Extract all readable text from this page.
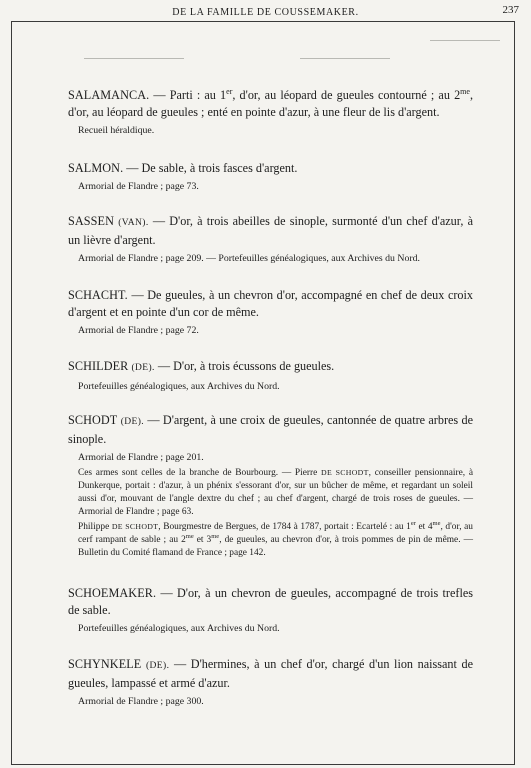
DE LA FAMILLE DE COUSSEMAKER.	237

SALAMANCA. — Parti : au 1er, d'or, au léopard de gueules contourné ; au $2^{me}$, d'or, au léopard de gueules ; enté en pointe d'azur, à une fleur de lis d'argent.

Recueil héraldique.

SALMON. — De sable, à trois fasces d'argent.

Armorial de Flandre ; page 73.

SASSEN (VAN). — D'or, à trois abeilles de sinople, surmonté d'un chef d'azur, à un lièvre d'argent.

Armorial de Flandre ; page 209. — Portefeuilles généalogiques, aux Archives du Nord.

SCHACHT. — De gueules, à un chevron d'or, accompagné en chef de deux croix d'argent et en pointe d'un cor de même.

Armorial de Flandre ; page 72.

SCHILDER (DE). — D'or, à trois écussons de gueules.

Portefeuilles généalogiques, aux Archives du Nord.

SCHODT (DE). — D'argent, à une croix de gueules, cantonnée de quatre arbres de sinople.

Armorial de Flandre ; page 201.

Ces armes sont celles de la branche de Bourbourg. — Pierre DE SCHODT, conseiller pensionnaire, à Dunkerque, portait : d'azur, à un phénix s'essorant d'or, sur un bûcher de même, et regardant un soleil aussi d'or, mouvant de l'angle dextre du chef ; au chef d'argent, chargé de trois roses de gueules. — Armorial de Flandre ; page 63.

Philippe DE SCHODT, Bourgmestre de Bergues, de 1784 à 1787, portait : Ecartelé : au 1er et $4^{me}$, d'or, au cerf rampant de sable ; au $2^{me}$ et $3^{me}$, de gueules, au chevron d'or, à trois pommes de pin de même. — Bulletin du Comité flamand de France ; page 142.

SCHOEMAKER. — D'or, à un chevron de gueules, accompagné de trois trefles de sable.

Portefeuilles généalogiques, aux Archives du Nord.

SCHYNKELE (DE). — D'hermines, à un chef d'or, chargé d'un lion naissant de gueules, lampassé et armé d'azur.

Armorial de Flandre ; page 300.
